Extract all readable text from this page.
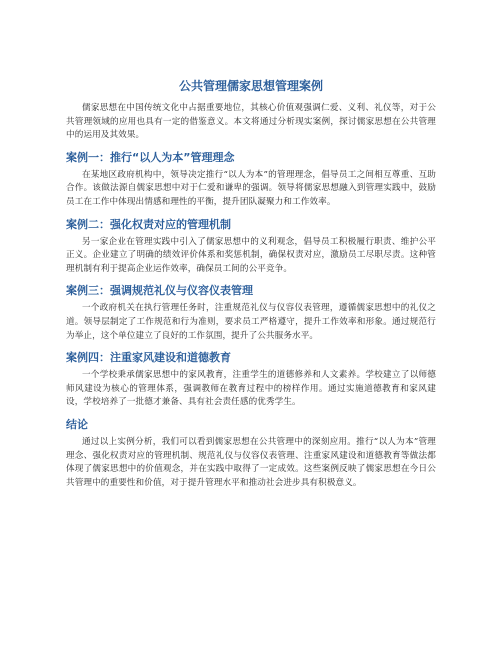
公共管理儒家思想管理案例

儒家思想在中国传统文化中占据重要地位，其核心价值观强调仁爱、义利、礼仪等，对于公共管理领域的应用也具有一定的借鉴意义。本文将通过分析现实案例，探讨儒家思想在公共管理中的运用及其效果。

案例一：推行“以人为本”管理理念

在某地区政府机构中，领导决定推行“以人为本”的管理理念，倡导员工之间相互尊重、互助合作。该做法源自儒家思想中对于仁爱和谦卑的强调。领导将儒家思想融入到管理实践中，鼓励员工在工作中体现出情感和理性的平衡，提升团队凝聚力和工作效率。

案例二：强化权责对应的管理机制

另一家企业在管理实践中引入了儒家思想中的义利观念，倡导员工积极履行职责、维护公平正义。企业建立了明确的绩效评价体系和奖惩机制，确保权责对应，激励员工尽职尽责。这种管理机制有利于提高企业运作效率，确保员工间的公平竞争。

案例三：强调规范礼仪与仪容仪表管理

一个政府机关在执行管理任务时，注重规范礼仪与仪容仪表管理，遵循儒家思想中的礼仪之道。领导层制定了工作规范和行为准则，要求员工严格遵守，提升工作效率和形象。通过规范行为举止，这个单位建立了良好的工作氛围，提升了公共服务水平。

案例四：注重家风建设和道德教育

一个学校秉承儒家思想中的家风教育，注重学生的道德修养和人文素养。学校建立了以师德师风建设为核心的管理体系，强调教师在教育过程中的榜样作用。通过实施道德教育和家风建设，学校培养了一批德才兼备、具有社会责任感的优秀学生。

结论

通过以上实例分析，我们可以看到儒家思想在公共管理中的深刻应用。推行“以人为本”管理理念、强化权责对应的管理机制、规范礼仪与仪容仪表管理、注重家风建设和道德教育等做法都体现了儒家思想中的价值观念，并在实践中取得了一定成效。这些案例反映了儒家思想在今日公共管理中的重要性和价值，对于提升管理水平和推动社会进步具有积极意义。
